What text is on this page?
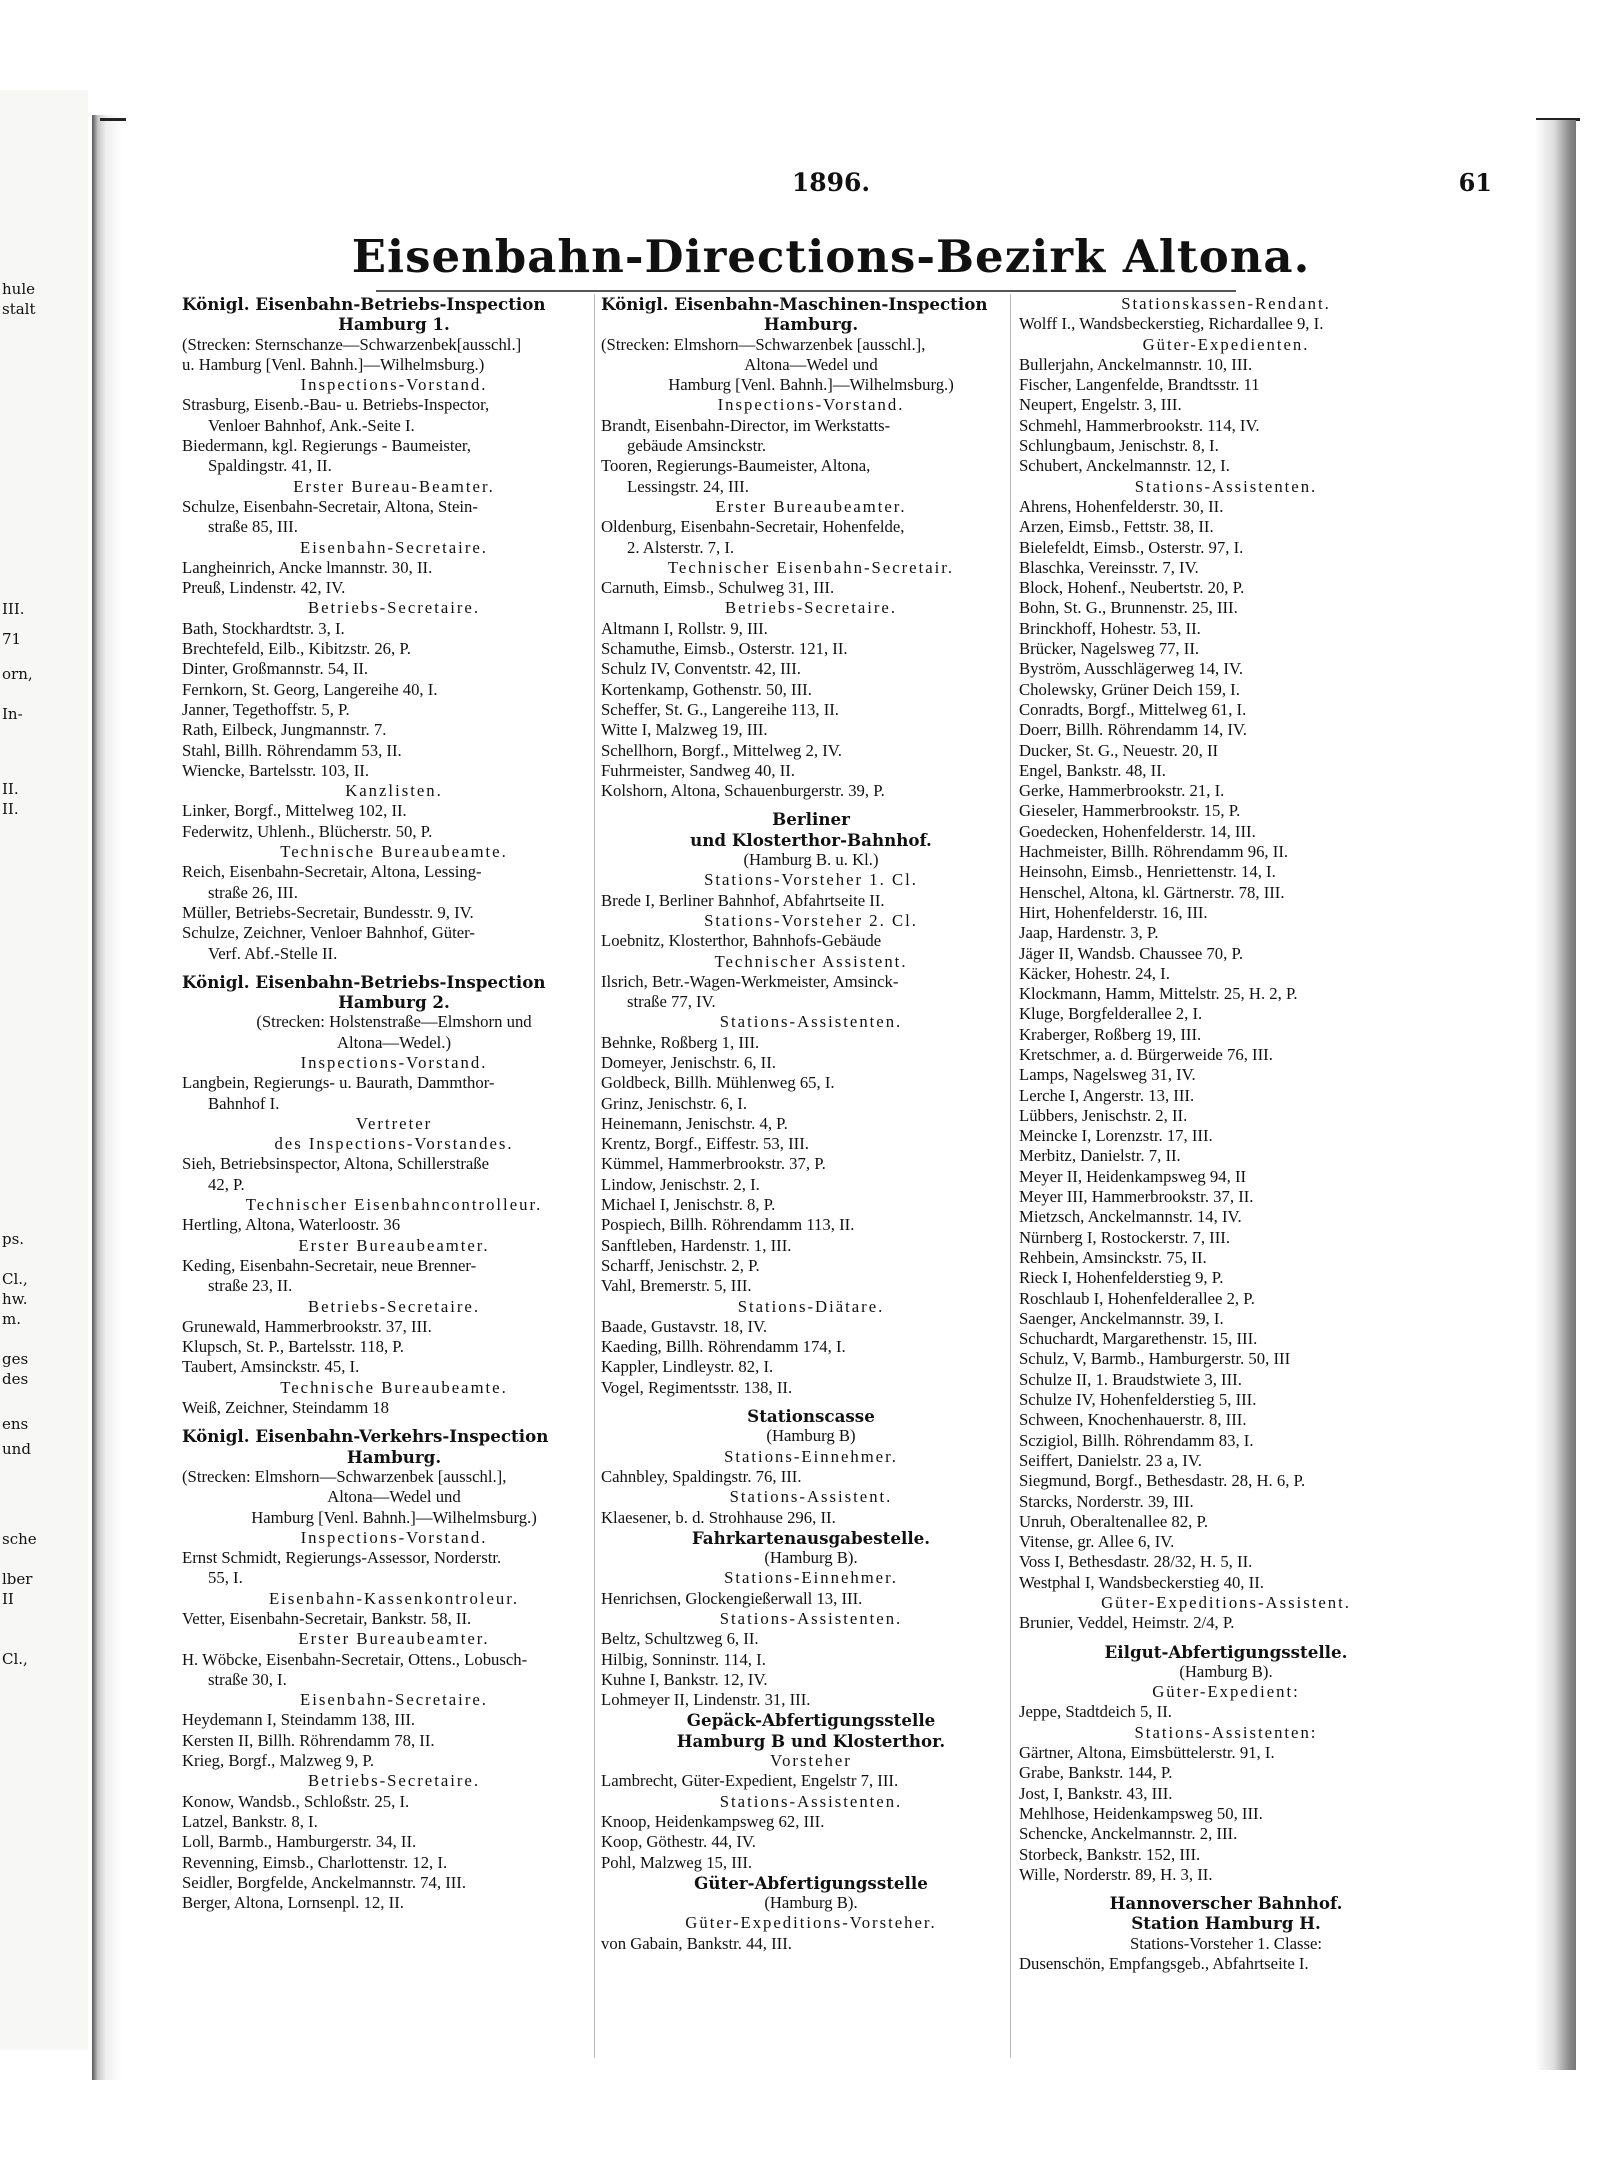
hule
stalt
III.
71
orn,
In-
II.
II.
ps.
Cl.,
hw.
m.
ges
des
ens
und
sche
lber
II
Cl.,
1896.	61
Eisenbahn-Directions-Bezirk Altona.
Königl. Eisenbahn-Betriebs-Inspection
Hamburg 1.
(Strecken: Sternschanze—Schwarzenbek[ausschl.]
u. Hamburg [Venl. Bahnh.]—Wilhelmsburg.)
Inspections-Vorstand.
Strasburg, Eisenb.-Bau- u. Betriebs-Inspector,
Venloer Bahnhof, Ank.-Seite I.
Biedermann, kgl. Regierungs - Baumeister,
Spaldingstr. 41, II.
Erster Bureau-Beamter.
Schulze, Eisenbahn-Secretair, Altona, Stein-
straße 85, III.
Eisenbahn-Secretaire.
Langheinrich, Ancke lmannstr. 30, II.
Preuß, Lindenstr. 42, IV.
Betriebs-Secretaire.
Bath, Stockhardtstr. 3, I.
Brechtefeld, Eilb., Kibitzstr. 26, P.
Dinter, Großmannstr. 54, II.
Fernkorn, St. Georg, Langereihe 40, I.
Janner, Tegethoffstr. 5, P.
Rath, Eilbeck, Jungmannstr. 7.
Stahl, Billh. Röhrendamm 53, II.
Wiencke, Bartelsstr. 103, II.
Kanzlisten.
Linker, Borgf., Mittelweg 102, II.
Federwitz, Uhlenh., Blücherstr. 50, P.
Technische Bureaubeamte.
Reich, Eisenbahn-Secretair, Altona, Lessing-
straße 26, III.
Müller, Betriebs-Secretair, Bundesstr. 9, IV.
Schulze, Zeichner, Venloer Bahnhof, Güter-
Verf. Abf.-Stelle II.
Königl. Eisenbahn-Betriebs-Inspection
Hamburg 2.
(Strecken: Holstenstraße—Elmshorn und
Altona—Wedel.)
Inspections-Vorstand.
Langbein, Regierungs- u. Baurath, Dammthor-
Bahnhof I.
Vertreter
des Inspections-Vorstandes.
Sieh, Betriebsinspector, Altona, Schillerstraße
42, P.
Technischer Eisenbahncontrolleur.
Hertling, Altona, Waterloostr. 36
Erster Bureaubeamter.
Keding, Eisenbahn-Secretair, neue Brenner-
straße 23, II.
Betriebs-Secretaire.
Grunewald, Hammerbrookstr. 37, III.
Klupsch, St. P., Bartelsstr. 118, P.
Taubert, Amsinckstr. 45, I.
Technische Bureaubeamte.
Weiß, Zeichner, Steindamm 18
Königl. Eisenbahn-Verkehrs-Inspection
Hamburg.
(Strecken: Elmshorn—Schwarzenbek [ausschl.],
Altona—Wedel und
Hamburg [Venl. Bahnh.]—Wilhelmsburg.)
Inspections-Vorstand.
Ernst Schmidt, Regierungs-Assessor, Norderstr.
55, I.
Eisenbahn-Kassenkontroleur.
Vetter, Eisenbahn-Secretair, Bankstr. 58, II.
Erster Bureaubeamter.
H. Wöbcke, Eisenbahn-Secretair, Ottens., Lobusch-
straße 30, I.
Eisenbahn-Secretaire.
Heydemann I, Steindamm 138, III.
Kersten II, Billh. Röhrendamm 78, II.
Krieg, Borgf., Malzweg 9, P.
Betriebs-Secretaire.
Konow, Wandsb., Schloßstr. 25, I.
Latzel, Bankstr. 8, I.
Loll, Barmb., Hamburgerstr. 34, II.
Revenning, Eimsb., Charlottenstr. 12, I.
Seidler, Borgfelde, Anckelmannstr. 74, III.
Berger, Altona, Lornsenpl. 12, II.
Königl. Eisenbahn-Maschinen-Inspection
Hamburg.
(Strecken: Elmshorn—Schwarzenbek [ausschl.],
Altona—Wedel und
Hamburg [Venl. Bahnh.]—Wilhelmsburg.)
Inspections-Vorstand.
Brandt, Eisenbahn-Director, im Werkstatts-
gebäude Amsinckstr.
Tooren, Regierungs-Baumeister, Altona,
Lessingstr. 24, III.
Erster Bureaubeamter.
Oldenburg, Eisenbahn-Secretair, Hohenfelde,
2. Alsterstr. 7, I.
Technischer Eisenbahn-Secretair.
Carnuth, Eimsb., Schulweg 31, III.
Betriebs-Secretaire.
Altmann I, Rollstr. 9, III.
Schamuthe, Eimsb., Osterstr. 121, II.
Schulz IV, Conventstr. 42, III.
Kortenkamp, Gothenstr. 50, III.
Scheffer, St. G., Langereihe 113, II.
Witte I, Malzweg 19, III.
Schellhorn, Borgf., Mittelweg 2, IV.
Fuhrmeister, Sandweg 40, II.
Kolshorn, Altona, Schauenburgerstr. 39, P.
Berliner
und Klosterthor-Bahnhof.
(Hamburg B. u. Kl.)
Stations-Vorsteher 1. Cl.
Brede I, Berliner Bahnhof, Abfahrtseite II.
Stations-Vorsteher 2. Cl.
Loebnitz, Klosterthor, Bahnhofs-Gebäude
Technischer Assistent.
Ilsrich, Betr.-Wagen-Werkmeister, Amsinck-
straße 77, IV.
Stations-Assistenten.
Behnke, Roßberg 1, III.
Domeyer, Jenischstr. 6, II.
Goldbeck, Billh. Mühlenweg 65, I.
Grinz, Jenischstr. 6, I.
Heinemann, Jenischstr. 4, P.
Krentz, Borgf., Eiffestr. 53, III.
Kümmel, Hammerbrookstr. 37, P.
Lindow, Jenischstr. 2, I.
Michael I, Jenischstr. 8, P.
Pospiech, Billh. Röhrendamm 113, II.
Sanftleben, Hardenstr. 1, III.
Scharff, Jenischstr. 2, P.
Vahl, Bremerstr. 5, III.
Stations-Diätare.
Baade, Gustavstr. 18, IV.
Kaeding, Billh. Röhrendamm 174, I.
Kappler, Lindleystr. 82, I.
Vogel, Regimentsstr. 138, II.
Stationscasse
(Hamburg B)
Stations-Einnehmer.
Cahnbley, Spaldingstr. 76, III.
Stations-Assistent.
Klaesener, b. d. Strohhause 296, II.
Fahrkartenausgabestelle.
(Hamburg B).
Stations-Einnehmer.
Henrichsen, Glockengießerwall 13, III.
Stations-Assistenten.
Beltz, Schultzweg 6, II.
Hilbig, Sonninstr. 114, I.
Kuhne I, Bankstr. 12, IV.
Lohmeyer II, Lindenstr. 31, III.
Gepäck-Abfertigungsstelle
Hamburg B und Klosterthor.
Vorsteher
Lambrecht, Güter-Expedient, Engelstr 7, III.
Stations-Assistenten.
Knoop, Heidenkampsweg 62, III.
Koop, Göthestr. 44, IV.
Pohl, Malzweg 15, III.
Güter-Abfertigungsstelle
(Hamburg B).
Güter-Expeditions-Vorsteher.
von Gabain, Bankstr. 44, III.
Stationskassen-Rendant.
Wolff I., Wandsbeckerstieg, Richardallee 9, I.
Güter-Expedienten.
Bullerjahn, Anckelmannstr. 10, III.
Fischer, Langenfelde, Brandtsstr. 11
Neupert, Engelstr. 3, III.
Schmehl, Hammerbrookstr. 114, IV.
Schlungbaum, Jenischstr. 8, I.
Schubert, Anckelmannstr. 12, I.
Stations-Assistenten.
Ahrens, Hohenfelderstr. 30, II.
Arzen, Eimsb., Fettstr. 38, II.
Bielefeldt, Eimsb., Osterstr. 97, I.
Blaschka, Vereinsstr. 7, IV.
Block, Hohenf., Neubertstr. 20, P.
Bohn, St. G., Brunnenstr. 25, III.
Brinckhoff, Hohestr. 53, II.
Brücker, Nagelsweg 77, II.
Byström, Ausschlägerweg 14, IV.
Cholewsky, Grüner Deich 159, I.
Conradts, Borgf., Mittelweg 61, I.
Doerr, Billh. Röhrendamm 14, IV.
Ducker, St. G., Neuestr. 20, II
Engel, Bankstr. 48, II.
Gerke, Hammerbrookstr. 21, I.
Gieseler, Hammerbrookstr. 15, P.
Goedecken, Hohenfelderstr. 14, III.
Hachmeister, Billh. Röhrendamm 96, II.
Heinsohn, Eimsb., Henriettenstr. 14, I.
Henschel, Altona, kl. Gärtnerstr. 78, III.
Hirt, Hohenfelderstr. 16, III.
Jaap, Hardenstr. 3, P.
Jäger II, Wandsb. Chaussee 70, P.
Käcker, Hohestr. 24, I.
Klockmann, Hamm, Mittelstr. 25, H. 2, P.
Kluge, Borgfelderallee 2, I.
Kraberger, Roßberg 19, III.
Kretschmer, a. d. Bürgerweide 76, III.
Lamps, Nagelsweg 31, IV.
Lerche I, Angerstr. 13, III.
Lübbers, Jenischstr. 2, II.
Meincke I, Lorenzstr. 17, III.
Merbitz, Danielstr. 7, II.
Meyer II, Heidenkampsweg 94, II
Meyer III, Hammerbrookstr. 37, II.
Mietzsch, Anckelmannstr. 14, IV.
Nürnberg I, Rostockerstr. 7, III.
Rehbein, Amsinckstr. 75, II.
Rieck I, Hohenfelderstieg 9, P.
Roschlaub I, Hohenfelderallee 2, P.
Saenger, Anckelmannstr. 39, I.
Schuchardt, Margarethenstr. 15, III.
Schulz, V, Barmb., Hamburgerstr. 50, III
Schulze II, 1. Braudstwiete 3, III.
Schulze IV, Hohenfelderstieg 5, III.
Schween, Knochenhauerstr. 8, III.
Sczigiol, Billh. Röhrendamm 83, I.
Seiffert, Danielstr. 23 a, IV.
Siegmund, Borgf., Bethesdastr. 28, H. 6, P.
Starcks, Norderstr. 39, III.
Unruh, Oberaltenallee 82, P.
Vitense, gr. Allee 6, IV.
Voss I, Bethesdastr. 28/32, H. 5, II.
Westphal I, Wandsbeckerstieg 40, II.
Güter-Expeditions-Assistent.
Brunier, Veddel, Heimstr. 2/4, P.
Eilgut-Abfertigungsstelle.
(Hamburg B).
Güter-Expedient:
Jeppe, Stadtdeich 5, II.
Stations-Assistenten:
Gärtner, Altona, Eimsbüttelerstr. 91, I.
Grabe, Bankstr. 144, P.
Jost, I, Bankstr. 43, III.
Mehlhose, Heidenkampsweg 50, III.
Schencke, Anckelmannstr. 2, III.
Storbeck, Bankstr. 152, III.
Wille, Norderstr. 89, H. 3, II.
Hannoverscher Bahnhof.
Station Hamburg H.
Stations-Vorsteher 1. Classe:
Dusenschön, Empfangsgeb., Abfahrtseite I.
